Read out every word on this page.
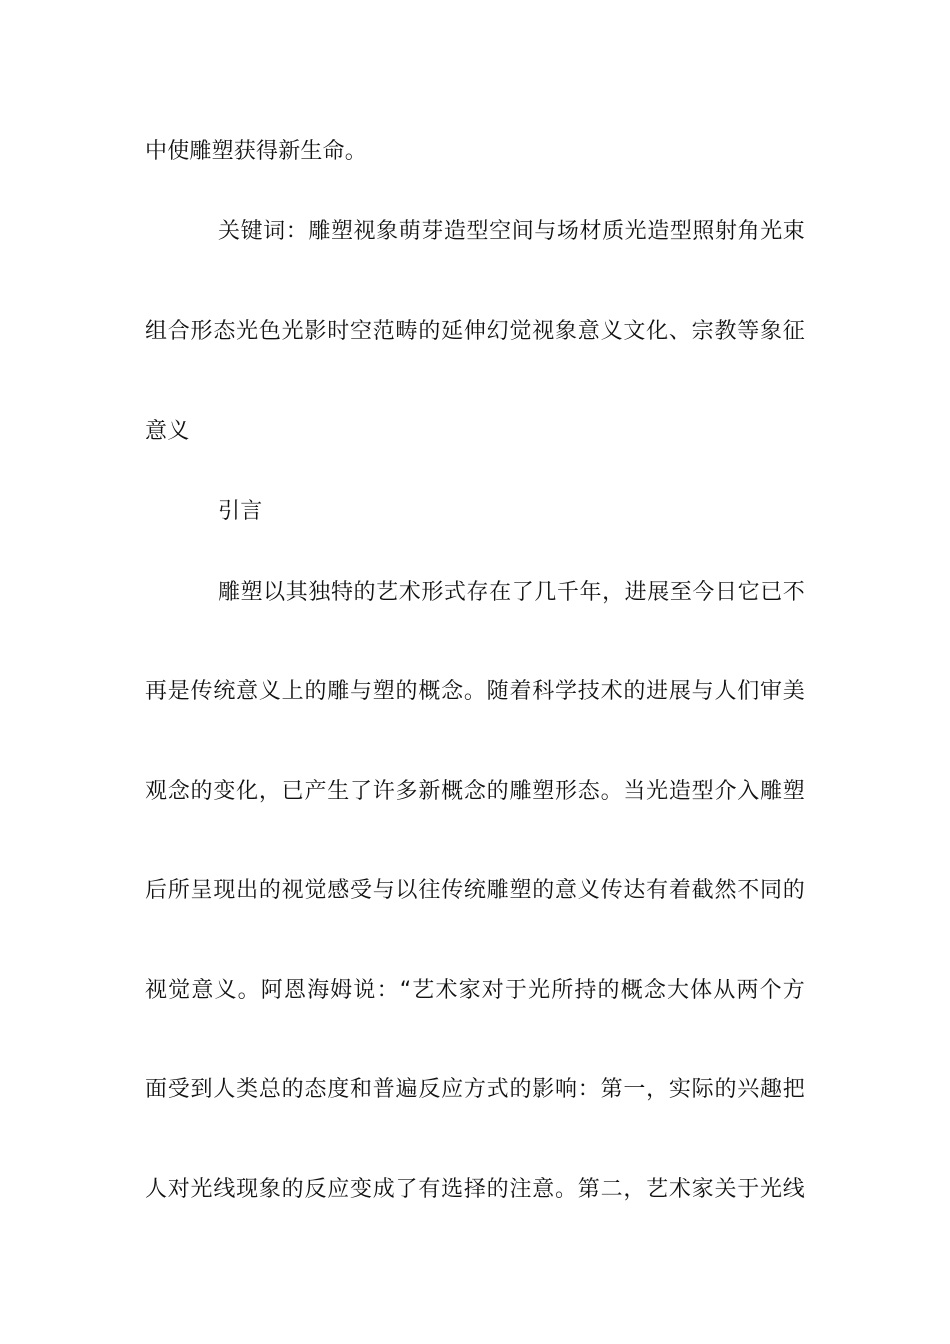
中使雕塑获得新生命。
关键词：雕塑视象萌芽造型空间与场材质光造型照射角光束
组合形态光色光影时空范畴的延伸幻觉视象意义文化、宗教等象征
意义
引言
雕塑以其独特的艺术形式存在了几千年，进展至今日它已不
再是传统意义上的雕与塑的概念。随着科学技术的进展与人们审美
观念的变化，已产生了许多新概念的雕塑形态。当光造型介入雕塑
后所呈现出的视觉感受与以往传统雕塑的意义传达有着截然不同的
视觉意义。阿恩海姆说：“艺术家对于光所持的概念大体从两个方
面受到人类总的态度和普遍反应方式的影响：第一，实际的兴趣把
人对光线现象的反应变成了有选择的注意。第二，艺术家关于光线
